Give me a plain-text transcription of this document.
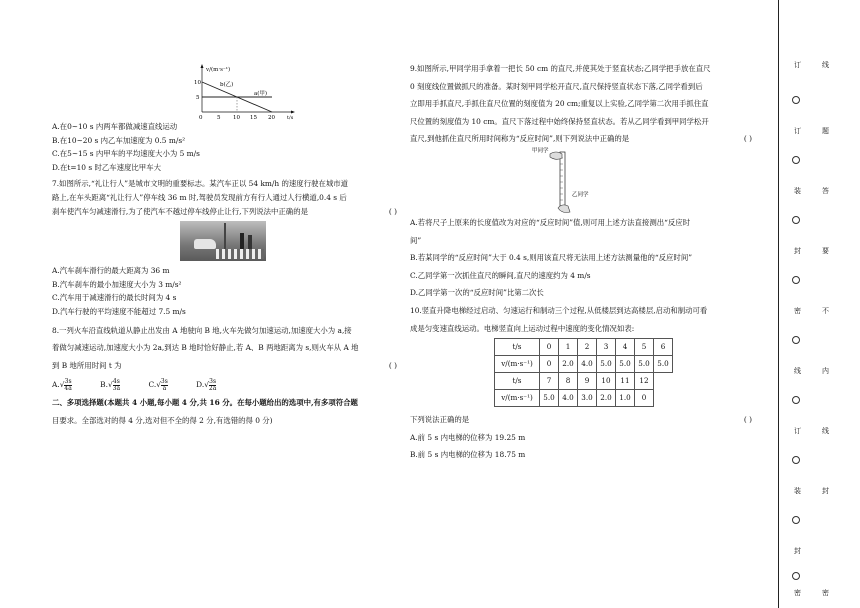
v/(m·s⁻¹)
10
5
0	5 10 15 20 t/s
b(乙)
a(甲)
A.在0~10 s 内两车都做减速直线运动
B.在10~20 s 内乙车加速度为 0.5 m/s²
C.在5~15 s 内甲车的平均速度大小为 5 m/s
D.在t=10 s 时乙车速度比甲车大
7.如图所示,“礼让行人”是城市文明的重要标志。某汽车正以 54 km/h 的速度行驶在城市道
路上,在车头距离“礼让行人”停车线 36 m 时,驾驶员发现前方有行人通过人行横道,0.4 s 后
刹车使汽车匀减速滑行,为了使汽车不越过停车线停止让行,下列说法中正确的是	( )
A.汽车刹车滑行的最大距离为 36 m
B.汽车刹车的最小加速度大小为 3 m/s²
C.汽车用于减速滑行的最长时间为 4 s
D.汽车行驶的平均速度不能超过 7.5 m/s
8.一列火车沿直线轨道从静止出发由 A 地驶向 B 地,火车先做匀加速运动,加速度大小为 a,接
着做匀减速运动,加速度大小为 2a,到达 B 地时恰好静止,若 A、B 两地距离为 s,则火车从 A 地
到 B 地所用时间 t 为	( )
$A.√ \frac{3s}{4a}$	$B.√ \frac{4s}{3a}$	$C.√ \frac{3s}{a}$	$D.√ \frac{3s}{2a}$
二、多项选择题(本题共 4 小题,每小题 4 分,共 16 分。在每小题给出的选项中,有多项符合题
目要求。全部选对的得 4 分,选对但不全的得 2 分,有选错的得 0 分)
9.如图所示,甲同学用手拿着一把长 50 cm 的直尺,并使其处于竖直状态;乙同学把手放在直尺
0 刻度线位置做抓尺的准备。某时刻甲同学松开直尺,直尺保持竖直状态下落,乙同学看到后
立即用手抓直尺,手抓住直尺位置的刻度值为 20 cm;重复以上实验,乙同学第二次用手抓住直
尺位置的刻度值为 10 cm。直尺下落过程中始终保持竖直状态。若从乙同学看到甲同学松开
直尺,到他抓住直尺所用时间称为“反应时间”,则下列说法中正确的是	( )
甲同学
乙同学
A.若将尺子上原来的长度值改为对应的“反应时间”值,则可用上述方法直接测出“反应时
间”
B.若某同学的“反应时间”大于 0.4 s,则用该直尺将无法用上述方法测量他的“反应时间”
C.乙同学第一次抓住直尺的瞬间,直尺的速度约为 4 m/s
D.乙同学第一次的“反应时间”比第二次长
10.竖直升降电梯经过启动、匀速运行和制动三个过程,从低楼层到达高楼层,启动和制动可看
成是匀变速直线运动。电梯竖直向上运动过程中速度的变化情况如表:
t/s	0	1	2	3	4	5	6
v/(m·s⁻¹)	0	2.0	4.0	5.0	5.0	5.0	5.0
t/s	7	8	9	10	11	12	
v/(m·s⁻¹)	5.0	4.0	3.0	2.0	1.0	0	
下列说法正确的是	( )
A.前 5 s 内电梯的位移为 19.25 m
B.前 5 s 内电梯的位移为 18.75 m
订
订
装
封
密
线
订
装
封
密
线
题
答
要
不
内
线
封
密
